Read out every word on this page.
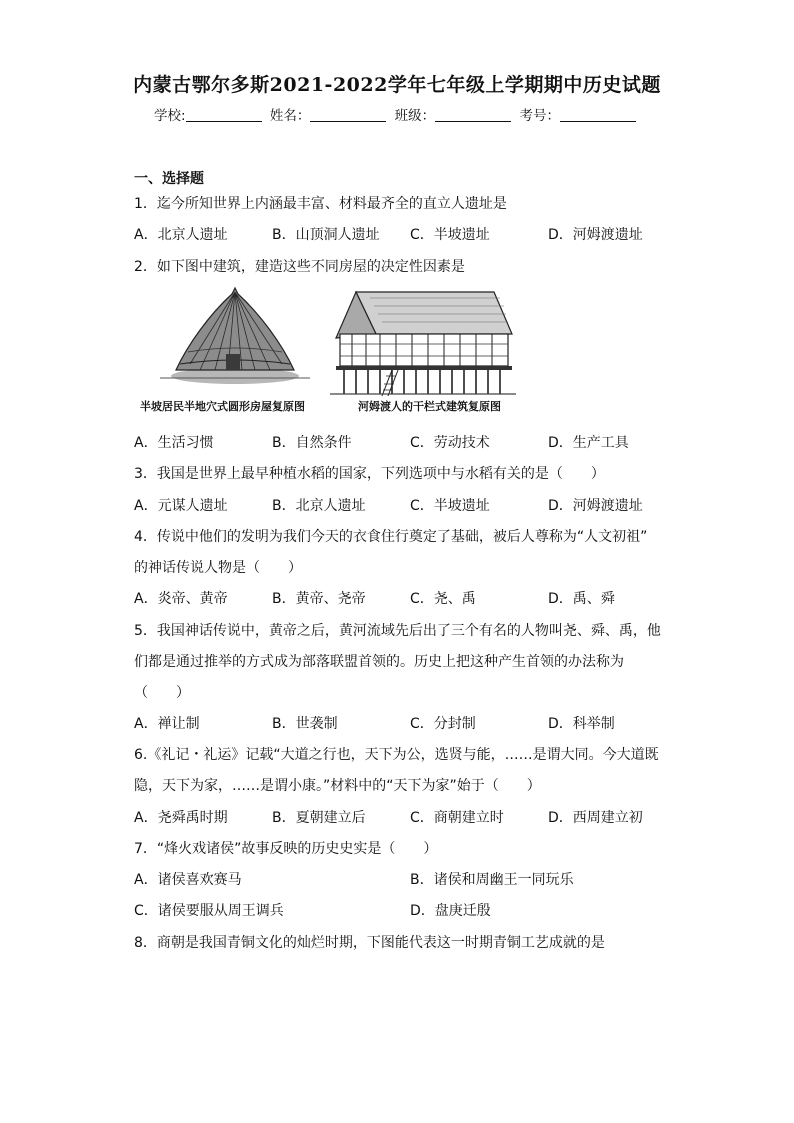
内蒙古鄂尔多斯2021-2022学年七年级上学期期中历史试题
学校:	姓名：	班级：	考号：
一、选择题
1．迄今所知世界上内涵最丰富、材料最齐全的直立人遗址是
A．北京人遗址	B．山顶洞人遗址 C．半坡遗址	D．河姆渡遗址
2．如下图中建筑，建造这些不同房屋的决定性因素是
半坡居民半地穴式圆形房屋复原图	河姆渡人的干栏式建筑复原图
A．生活习惯	B．自然条件	C．劳动技术	D．生产工具
3．我国是世界上最早种植水稻的国家，下列选项中与水稻有关的是（　　）
A．元谋人遗址	B．北京人遗址	C．半坡遗址	D．河姆渡遗址
4．传说中他们的发明为我们今天的衣食住行奠定了基础，被后人尊称为“人文初祖”
的神话传说人物是（　　）
A．炎帝、黄帝	B．黄帝、尧帝	C．尧、禹	D．禹、舜
5．我国神话传说中，黄帝之后，黄河流域先后出了三个有名的人物叫尧、舜、禹，他
们都是通过推举的方式成为部落联盟首领的。历史上把这种产生首领的办法称为
（　　）
A．禅让制	B．世袭制	C．分封制	D．科举制
6.《礼记・礼运》记载“大道之行也，天下为公，选贤与能，……是谓大同。今大道既
隐，天下为家，……是谓小康。”材料中的“天下为家”始于（　　）
A．尧舜禹时期	B．夏朝建立后	C．商朝建立时	D．西周建立初
7．“烽火戏诸侯”故事反映的历史史实是（　　）
A．诸侯喜欢赛马	B．诸侯和周幽王一同玩乐
C．诸侯要服从周王调兵	D．盘庚迁殷
8．商朝是我国青铜文化的灿烂时期，下图能代表这一时期青铜工艺成就的是
